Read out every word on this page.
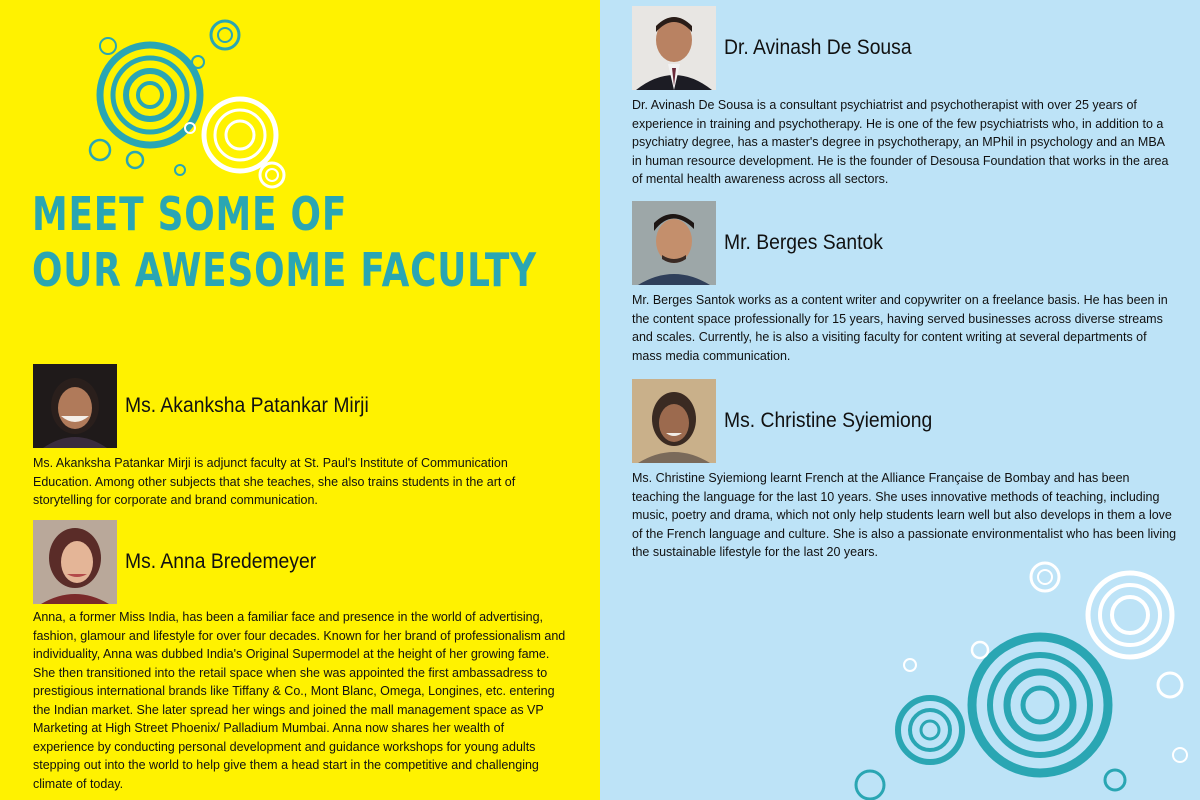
MEET SOME OF
OUR AWESOME FACULTY
Ms. Akanksha Patankar Mirji

Ms. Akanksha Patankar Mirji is adjunct faculty at St. Paul's Institute of Communication Education. Among other subjects that she teaches, she also trains students in the art of storytelling for corporate and brand communication.

Ms. Anna Bredemeyer

Anna, a former Miss India, has been a familiar face and presence in the world of advertising, fashion, glamour and lifestyle for over four decades. Known for her brand of professionalism and individuality, Anna was dubbed India's Original Supermodel at the height of her growing fame. She then transitioned into the retail space when she was appointed the first ambassadress to prestigious international brands like Tiffany & Co., Mont Blanc, Omega, Longines, etc. entering the Indian market. She later spread her wings and joined the mall management space as VP Marketing at High Street Phoenix/ Palladium Mumbai. Anna now shares her wealth of experience by conducting personal development and guidance workshops for young adults stepping out into the world to help give them a head start in the competitive and challenging climate of today.

Dr. Avinash De Sousa

Dr. Avinash De Sousa is a consultant psychiatrist and psychotherapist with over 25 years of experience in training and psychotherapy. He is one of the few psychiatrists who, in addition to a psychiatry degree, has a master's degree in psychotherapy, an MPhil in psychology and an MBA in human resource development. He is the founder of Desousa Foundation that works in the area of mental health awareness across all sectors.

Mr. Berges Santok

Mr. Berges Santok works as a content writer and copywriter on a freelance basis. He has been in the content space professionally for 15 years, having served businesses across diverse streams and scales. Currently, he is also a visiting faculty for content writing at several departments of mass media communication.

Ms. Christine Syiemiong

Ms. Christine Syiemiong learnt French at the Alliance Française de Bombay and has been teaching the language for the last 10 years. She uses innovative methods of teaching, including music, poetry and drama, which not only help students learn well but also develops in them a love of the French language and culture. She is also a passionate environmentalist who has been living the sustainable lifestyle for the last 20 years.
